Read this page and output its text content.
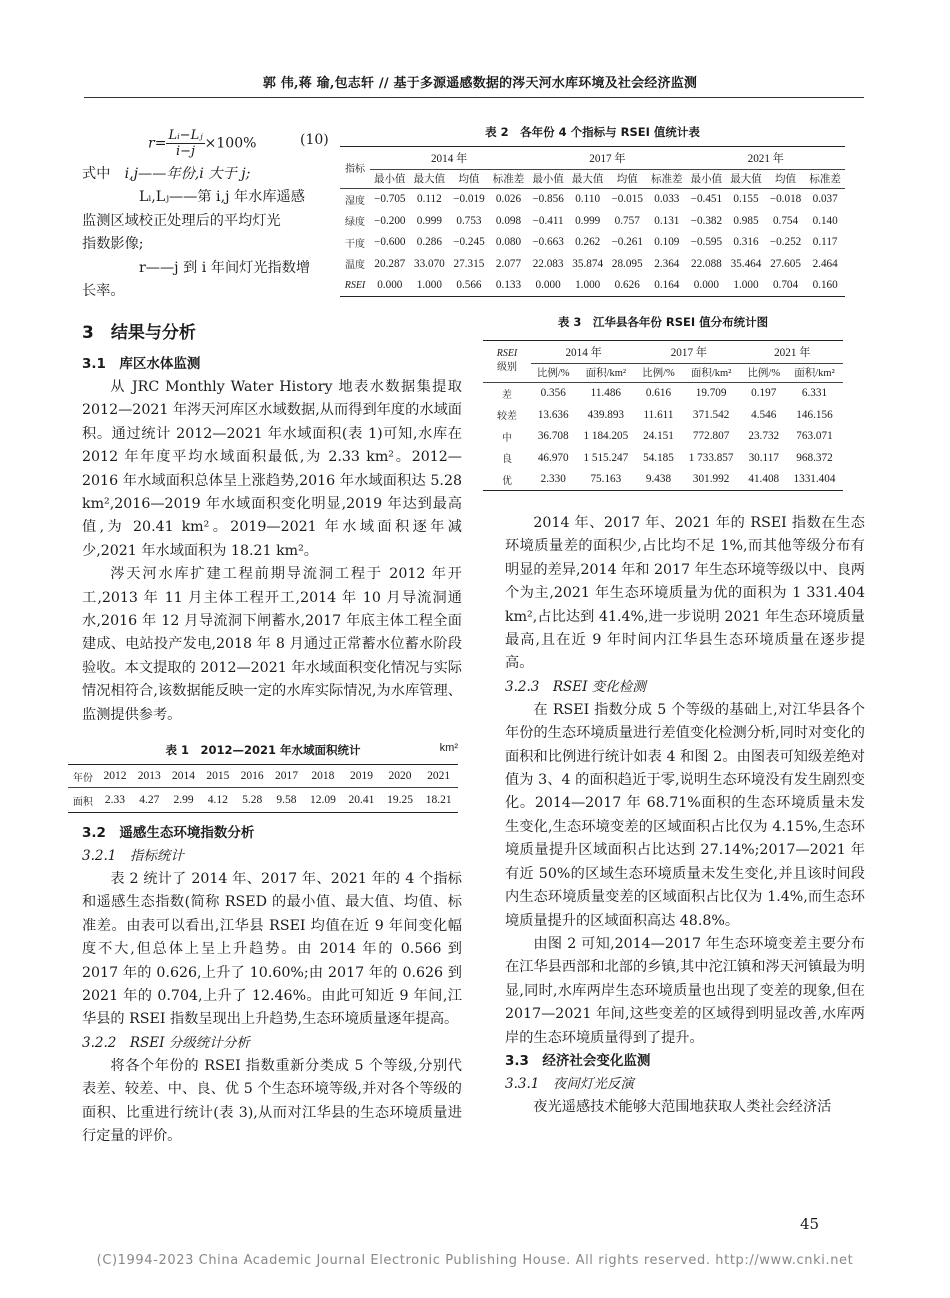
郭 伟,蒋 瑜,包志轩 // 基于多源遥感数据的涔天河水库环境及社会经济监测
$r= \frac{\text{Lᵢ−Lⱼ}}{i-j} \times 100\%$	(10)
式中　 i,j——年份,i 大于 j;
Lᵢ,Lⱼ——第 i,j 年水库遥感
监测区域校正处理后的平均灯光
指数影像;
r——j 到 i 年间灯光指数增
长率。

3　结果与分析

3.1　库区水体监测

从 JRC Monthly Water History 地表水数据集提取 2012—2021 年涔天河库区水域数据,从而得到年度的水域面积。通过统计 2012—2021 年水域面积(表 1)可知,水库在 2012 年年度平均水域面积最低,为 2.33 km²。2012—2016 年水域面积总体呈上涨趋势,2016 年水域面积达 5.28 km²,2016—2019 年水域面积变化明显,2019 年达到最高值,为 20.41 km²。2019—2021 年水域面积逐年减少,2021 年水域面积为 18.21 km²。

涔天河水库扩建工程前期导流洞工程于 2012 年开工,2013 年 11 月主体工程开工,2014 年 10 月导流洞通水,2016 年 12 月导流洞下闸蓄水,2017 年底主体工程全面建成、电站投产发电,2018 年 8 月通过正常蓄水位蓄水阶段验收。本文提取的 2012—2021 年水域面积变化情况与实际情况相符合,该数据能反映一定的水库实际情况,为水库管理、监测提供参考。

表 1　2012—2021 年水域面积统计	km²
年份	2012	2013	2014	2015	2016	2017	2018	2019	2020	2021
面积	2.33	4.27	2.99	4.12	5.28	9.58	12.09	20.41	19.25	18.21

3.2　遥感生态环境指数分析

3.2.1　指标统计

表 2 统计了 2014 年、2017 年、2021 年的 4 个指标和遥感生态指数(简称 RSED 的最小值、最大值、均值、标准差。由表可以看出,江华县 RSEI 均值在近 9 年间变化幅度不大,但总体上呈上升趋势。由 2014 年的 0.566 到 2017 年的 0.626,上升了 10.60%;由 2017 年的 0.626 到 2021 年的 0.704,上升了 12.46%。由此可知近 9 年间,江华县的 RSEI 指数呈现出上升趋势,生态环境质量逐年提高。

3.2.2　RSEI 分级统计分析

将各个年份的 RSEI 指数重新分类成 5 个等级,分别代表差、较差、中、良、优 5 个生态环境等级,并对各个等级的面积、比重进行统计(表 3),从而对江华县的生态环境质量进行定量的评价。

表 2　各年份 4 个指标与 RSEI 值统计表

指标	2014 年				2017 年				2021 年			
	最小值	最大值	均值	标准差	最小值	最大值	均值	标准差	最小值	最大值	均值	标准差
湿度	−0.705	0.112	−0.019	0.026	−0.856	0.110	−0.015	0.033	−0.451	0.155	−0.018	0.037
绿度	−0.200	0.999	0.753	0.098	−0.411	0.999	0.757	0.131	−0.382	0.985	0.754	0.140
干度	−0.600	0.286	−0.245	0.080	−0.663	0.262	−0.261	0.109	−0.595	0.316	−0.252	0.117
温度	20.287	33.070	27.315	2.077	22.083	35.874	28.095	2.364	22.088	35.464	27.605	2.464
RSEI	0.000	1.000	0.566	0.133	0.000	1.000	0.626	0.164	0.000	1.000	0.704	0.160

表 3　江华县各年份 RSEI 值分布统计图

RSEI
级别	2014 年		2017 年		2021 年	
	比例/%	面积/km²	比例/%	面积/km²	比例/%	面积/km²
差	0.356	11.486	0.616	19.709	0.197	6.331
较差	13.636	439.893	11.611	371.542	4.546	146.156
中	36.708	1 184.205	24.151	772.807	23.732	763.071
良	46.970	1 515.247	54.185	1 733.857	30.117	968.372
优	2.330	75.163	9.438	301.992	41.408	1331.404

2014 年、2017 年、2021 年的 RSEI 指数在生态环境质量差的面积少,占比均不足 1%,而其他等级分布有明显的差异,2014 年和 2017 年生态环境等级以中、良两个为主,2021 年生态环境质量为优的面积为 1 331.404 km²,占比达到 41.4%,进一步说明 2021 年生态环境质量最高,且在近 9 年时间内江华县生态环境质量在逐步提高。

3.2.3　RSEI 变化检测

在 RSEI 指数分成 5 个等级的基础上,对江华县各个年份的生态环境质量进行差值变化检测分析,同时对变化的面积和比例进行统计如表 4 和图 2。由图表可知级差绝对值为 3、4 的面积趋近于零,说明生态环境没有发生剧烈变化。2014—2017 年 68.71%面积的生态环境质量未发生变化,生态环境变差的区域面积占比仅为 4.15%,生态环境质量提升区域面积占比达到 27.14%;2017—2021 年有近 50%的区域生态环境质量未发生变化,并且该时间段内生态环境质量变差的区域面积占比仅为 1.4%,而生态环境质量提升的区域面积高达 48.8%。

由图 2 可知,2014—2017 年生态环境变差主要分布在江华县西部和北部的乡镇,其中沱江镇和涔天河镇最为明显,同时,水库两岸生态环境质量也出现了变差的现象,但在 2017—2021 年间,这些变差的区域得到明显改善,水库两岸的生态环境质量得到了提升。

3.3　经济社会变化监测

3.3.1　夜间灯光反演

夜光遥感技术能够大范围地获取人类社会经济活

45
(C)1994-2023 China Academic Journal Electronic Publishing House. All rights reserved. http://www.cnki.net
